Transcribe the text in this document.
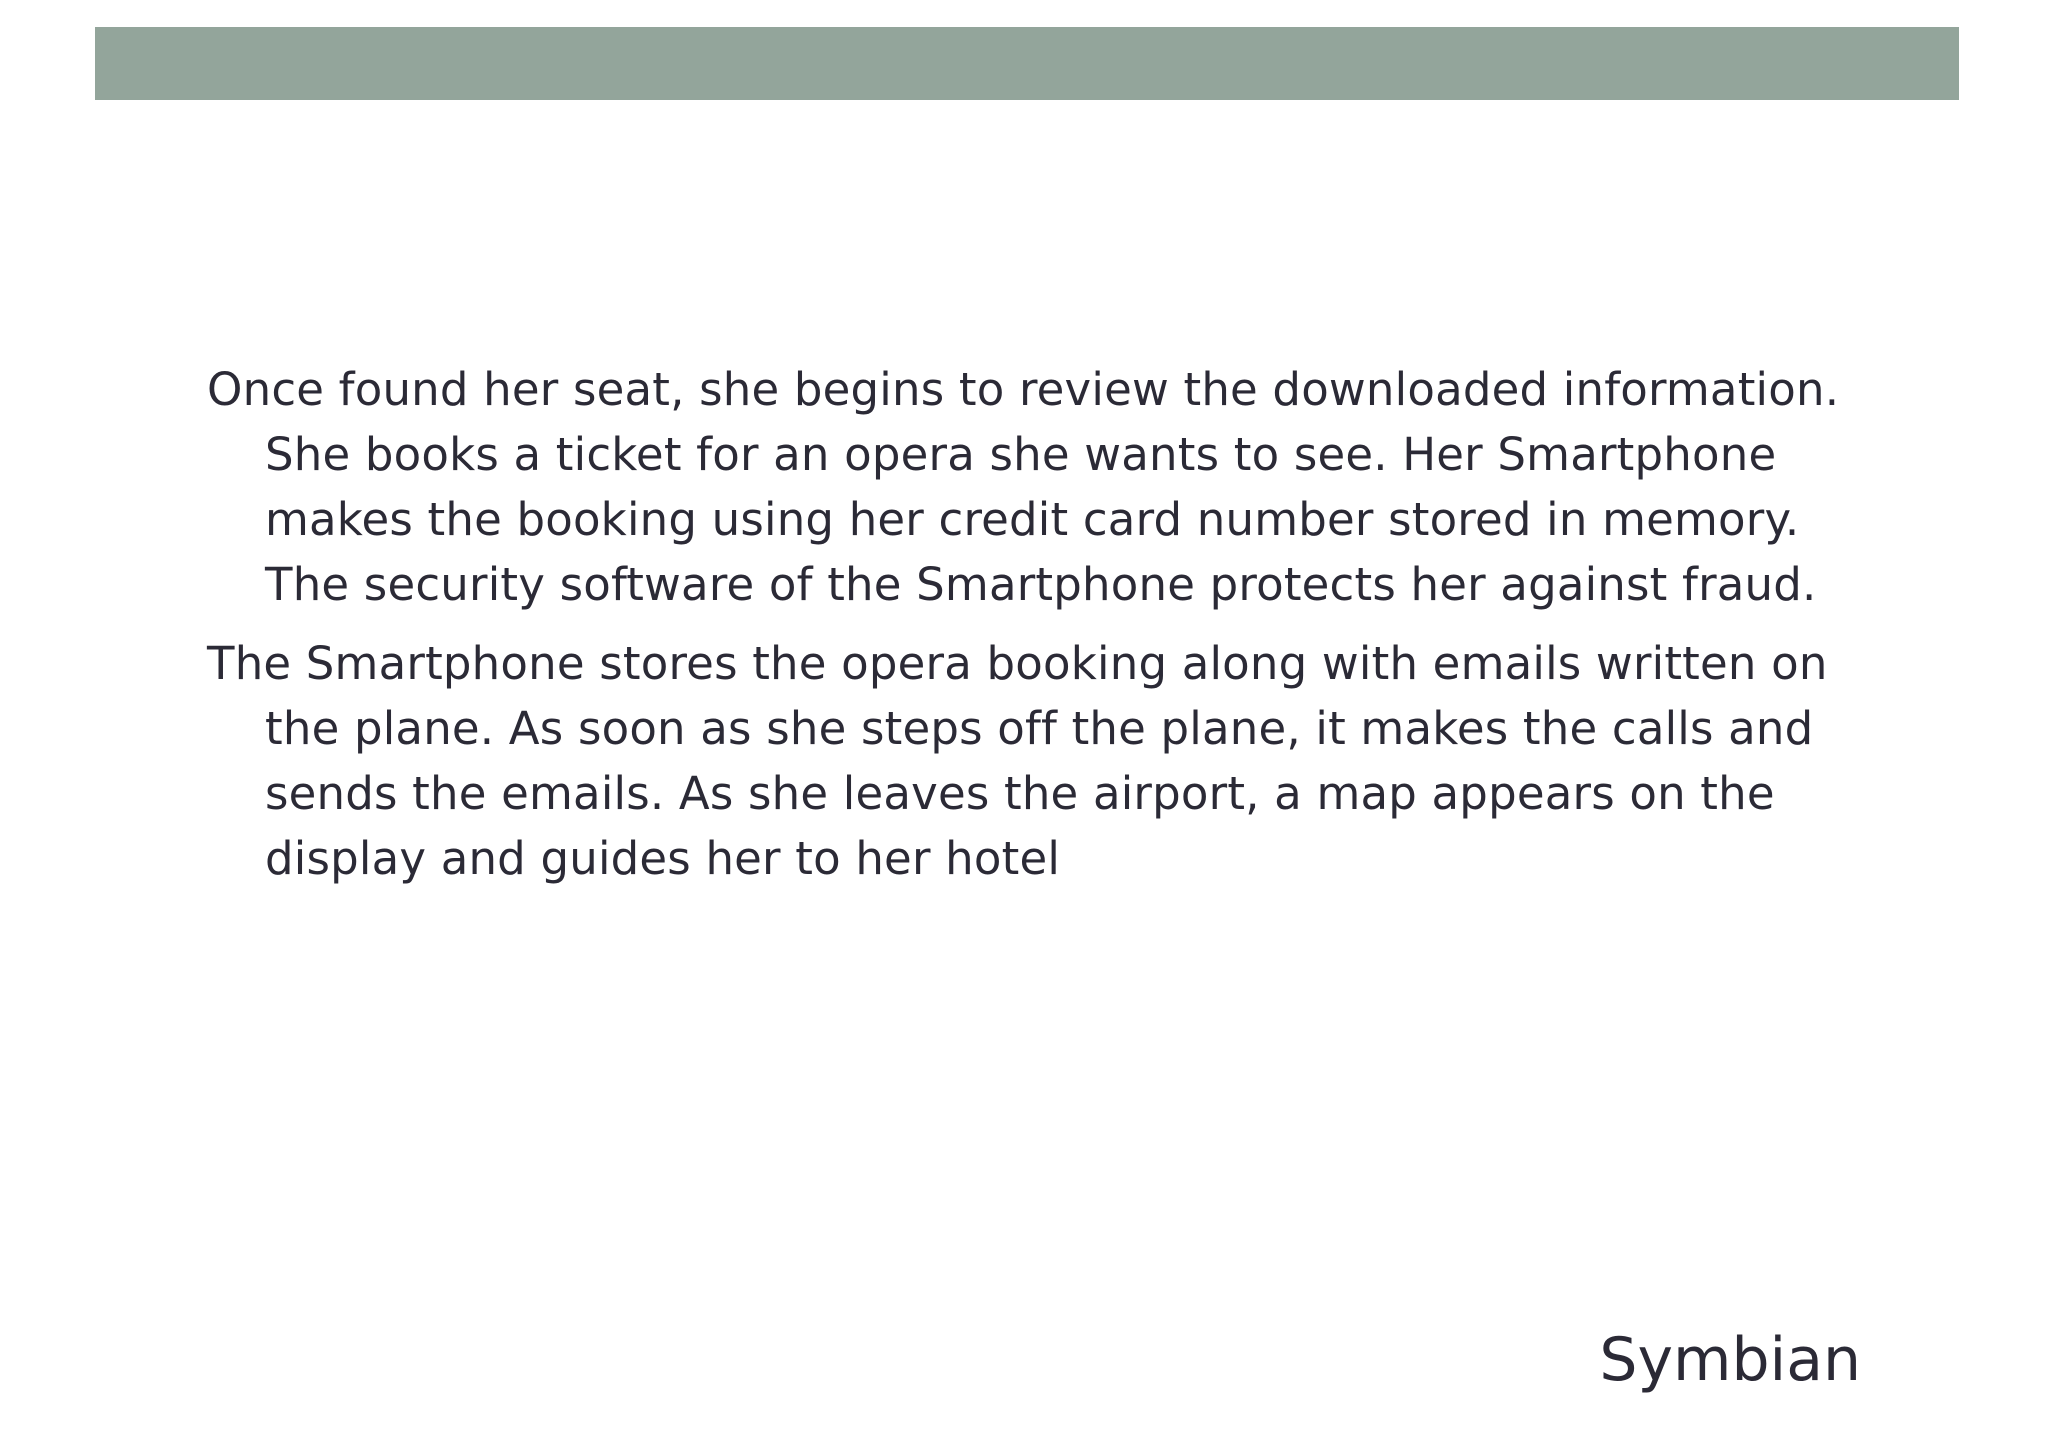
Once found her seat, she begins to review the downloaded information. She books a ticket for an opera she wants to see. Her Smartphone makes the booking using her credit card number stored in memory. The security software of the Smartphone protects her against fraud.

The Smartphone stores the opera booking along with emails written on the plane. As soon as she steps off the plane, it makes the calls and sends the emails. As she leaves the airport, a map appears on the display and guides her to her hotel

Symbian
